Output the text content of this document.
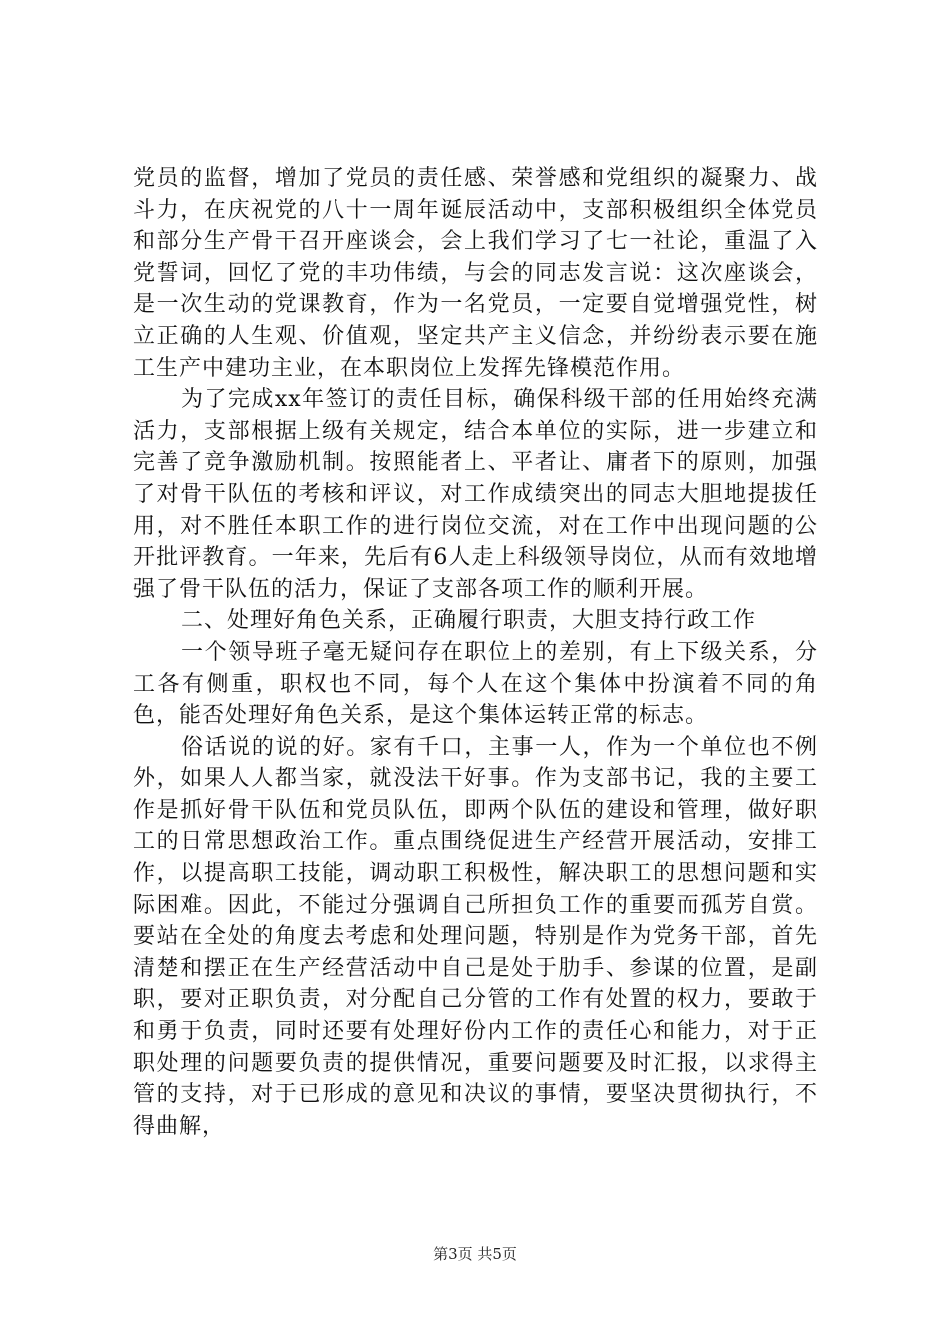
党员的监督，增加了党员的责任感、荣誉感和党组织的凝聚力、战斗力，在庆祝党的八十一周年诞辰活动中，支部积极组织全体党员和部分生产骨干召开座谈会，会上我们学习了七一社论，重温了入党誓词，回忆了党的丰功伟绩，与会的同志发言说：这次座谈会，是一次生动的党课教育，作为一名党员，一定要自觉增强党性，树立正确的人生观、价值观，坚定共产主义信念，并纷纷表示要在施工生产中建功主业，在本职岗位上发挥先锋模范作用。

为了完成xx年签订的责任目标，确保科级干部的任用始终充满活力，支部根据上级有关规定，结合本单位的实际，进一步建立和完善了竞争激励机制。按照能者上、平者让、庸者下的原则，加强了对骨干队伍的考核和评议，对工作成绩突出的同志大胆地提拔任用，对不胜任本职工作的进行岗位交流，对在工作中出现问题的公开批评教育。一年来，先后有6人走上科级领导岗位，从而有效地增强了骨干队伍的活力，保证了支部各项工作的顺利开展。

二、处理好角色关系，正确履行职责，大胆支持行政工作

一个领导班子毫无疑问存在职位上的差别，有上下级关系，分工各有侧重，职权也不同，每个人在这个集体中扮演着不同的角色，能否处理好角色关系，是这个集体运转正常的标志。

俗话说的说的好。家有千口，主事一人，作为一个单位也不例外，如果人人都当家，就没法干好事。作为支部书记，我的主要工作是抓好骨干队伍和党员队伍，即两个队伍的建设和管理，做好职工的日常思想政治工作。重点围绕促进生产经营开展活动，安排工作，以提高职工技能，调动职工积极性，解决职工的思想问题和实际困难。因此，不能过分强调自己所担负工作的重要而孤芳自赏。要站在全处的角度去考虑和处理问题，特别是作为党务干部，首先清楚和摆正在生产经营活动中自己是处于肋手、参谋的位置，是副职，要对正职负责，对分配自己分管的工作有处置的权力，要敢于和勇于负责，同时还要有处理好份内工作的责任心和能力，对于正职处理的问题要负责的提供情况，重要问题要及时汇报，以求得主管的支持，对于已形成的意见和决议的事情，要坚决贯彻执行，不得曲解，

第3页 共5页
